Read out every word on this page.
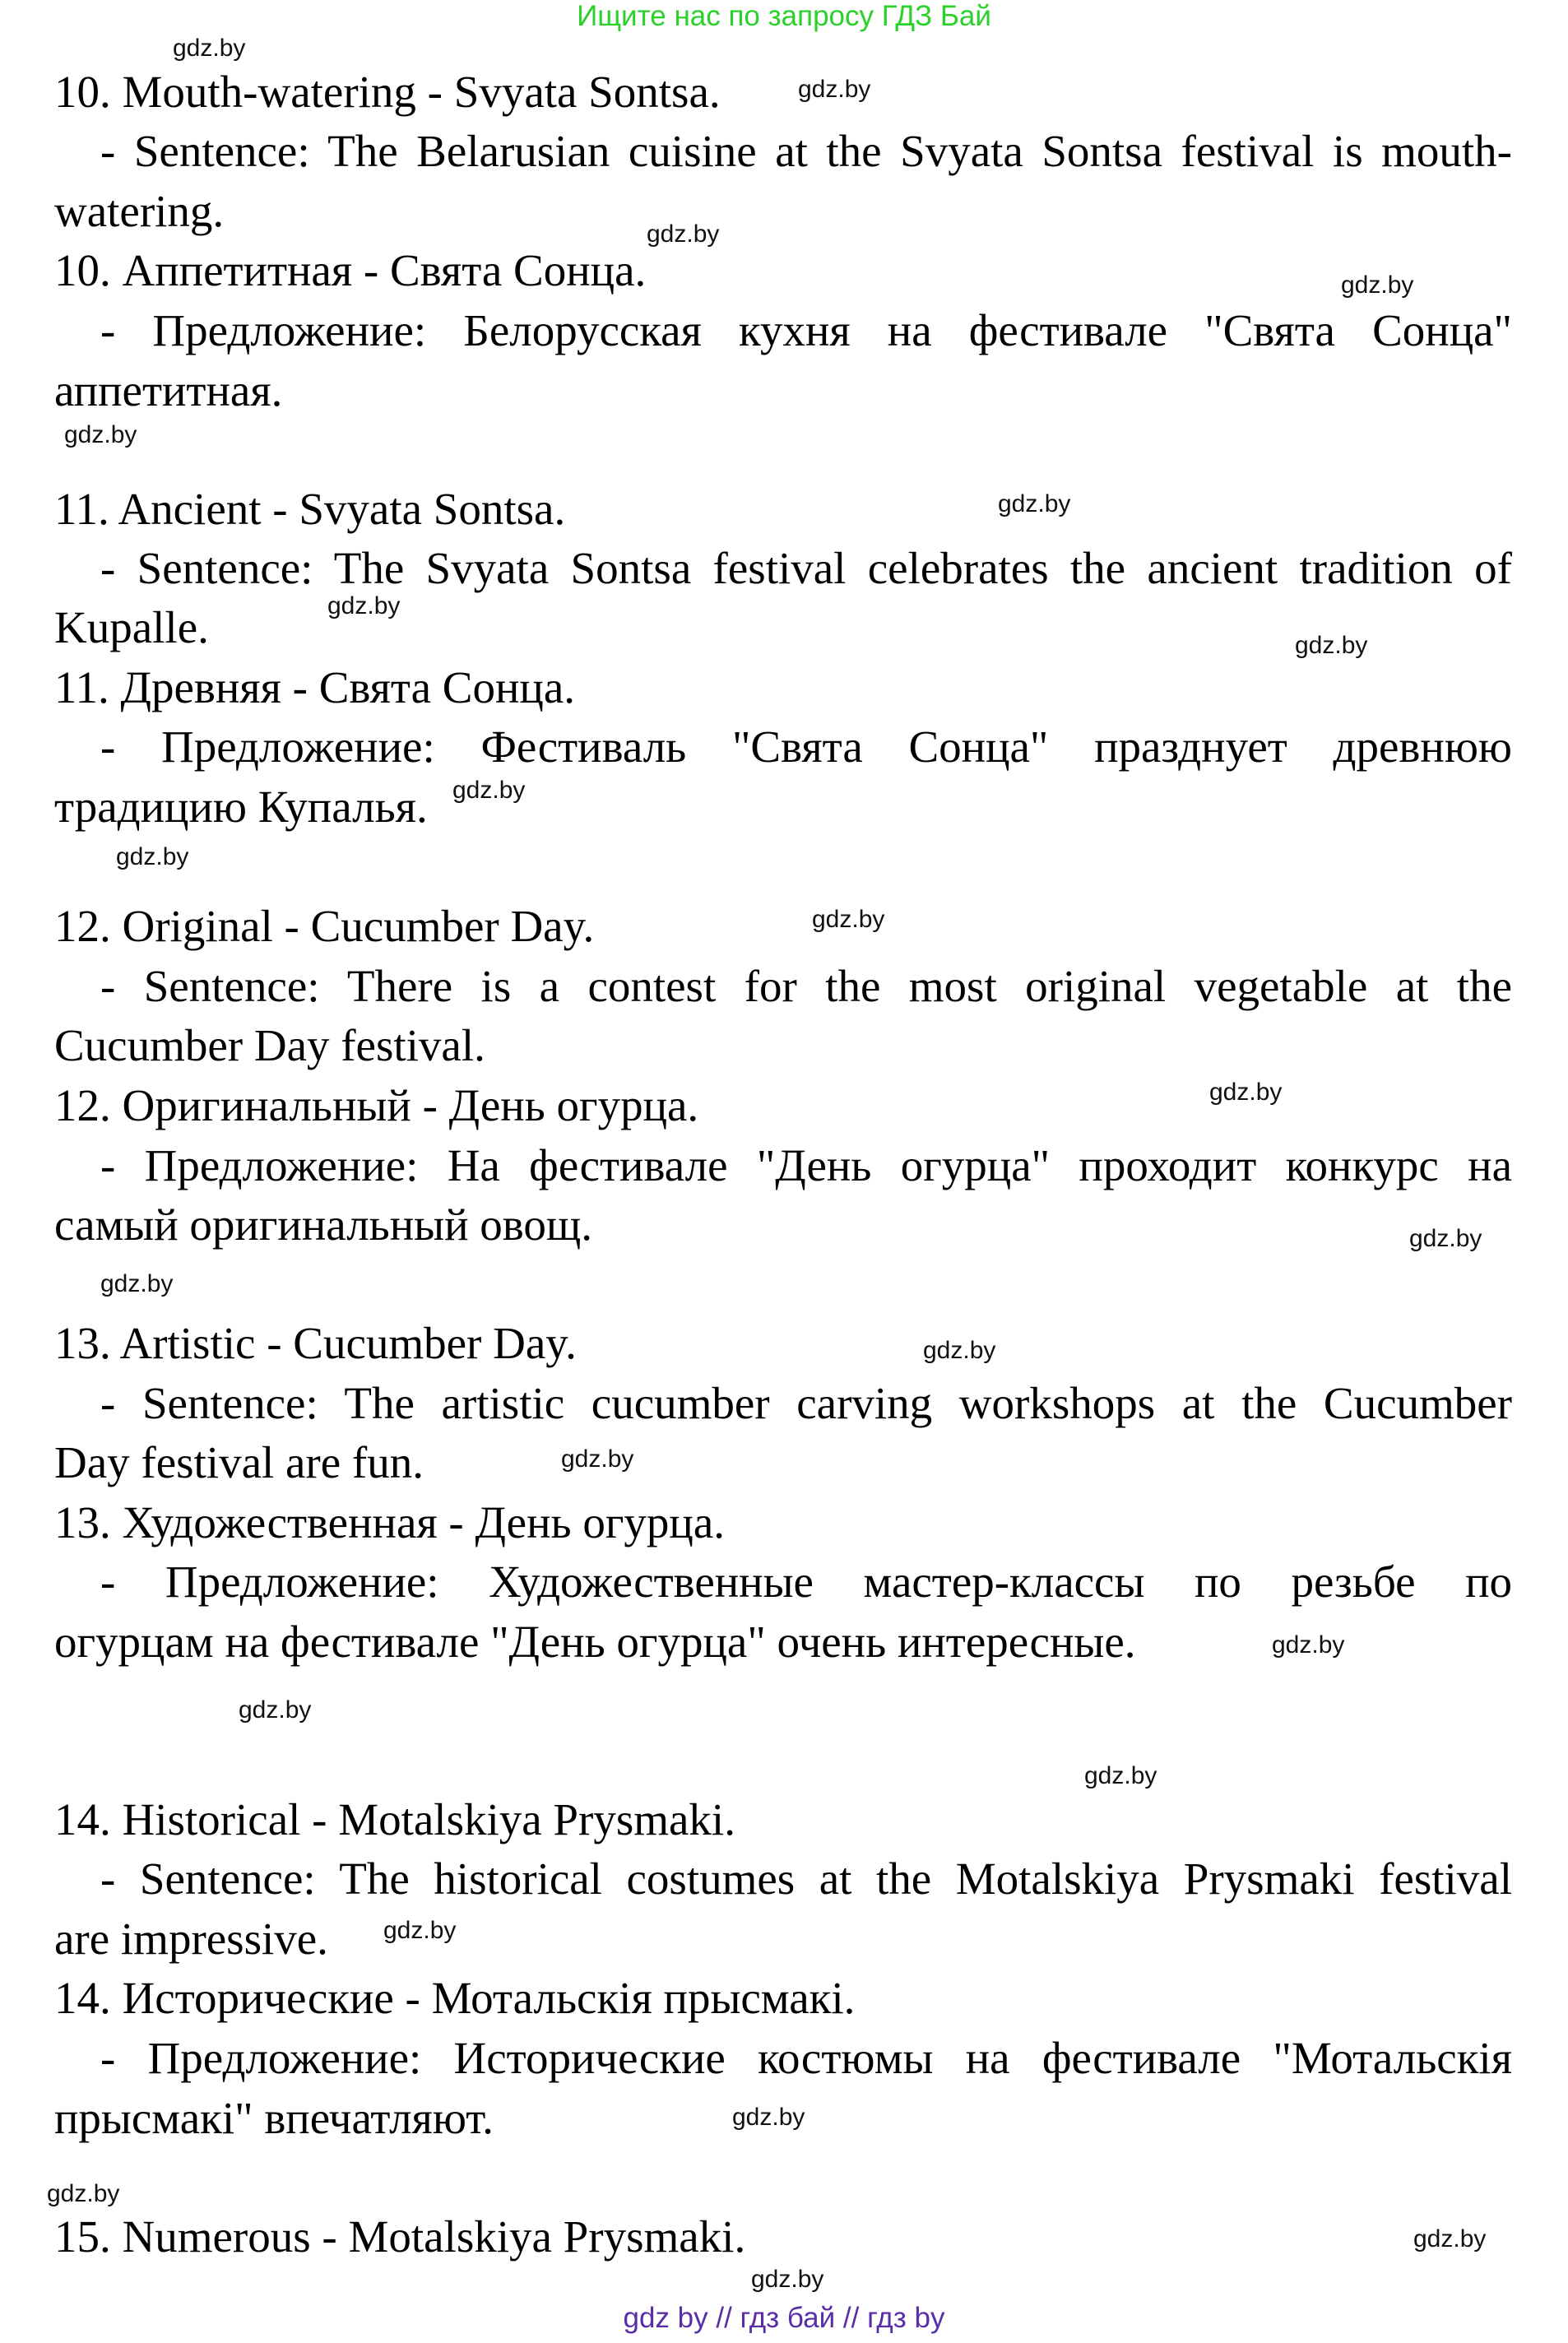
Ищите нас по запросу ГДЗ Бай
10. Mouth-watering - Svyata Sontsa.
- Sentence: The Belarusian cuisine at the Svyata Sontsa festival is mouth-
watering.
10. Аппетитная - Свята Сонца.
- Предложение: Белорусская кухня на фестивале "Свята Сонца"
аппетитная.
11. Ancient - Svyata Sontsa.
- Sentence: The Svyata Sontsa festival celebrates the ancient tradition of
Kupalle.
11. Древняя - Свята Сонца.
- Предложение: Фестиваль "Свята Сонца" празднует древнюю
традицию Купалья.
12. Original - Cucumber Day.
- Sentence: There is a contest for the most original vegetable at the
Cucumber Day festival.
12. Оригинальный - День огурца.
- Предложение: На фестивале "День огурца" проходит конкурс на
самый оригинальный овощ.
13. Artistic - Cucumber Day.
- Sentence: The artistic cucumber carving workshops at the Cucumber
Day festival are fun.
13. Художественная - День огурца.
- Предложение: Художественные мастер-классы по резьбе по
огурцам на фестивале "День огурца" очень интересные.
14. Historical - Motalskiya Prysmaki.
- Sentence: The historical costumes at the Motalskiya Prysmaki festival
are impressive.
14. Исторические - Мотальскія прысмакі.
- Предложение: Исторические костюмы на фестивале "Мотальскія
прысмакі" впечатляют.
15. Numerous - Motalskiya Prysmaki.
gdz.by
gdz.by
gdz.by
gdz.by
gdz.by
gdz.by
gdz.by
gdz.by
gdz.by
gdz.by
gdz.by
gdz.by
gdz.by
gdz.by
gdz.by
gdz.by
gdz.by
gdz.by
gdz.by
gdz.by
gdz.by
gdz.by
gdz.by
gdz.by
gdz by // гдз бай // гдз by
